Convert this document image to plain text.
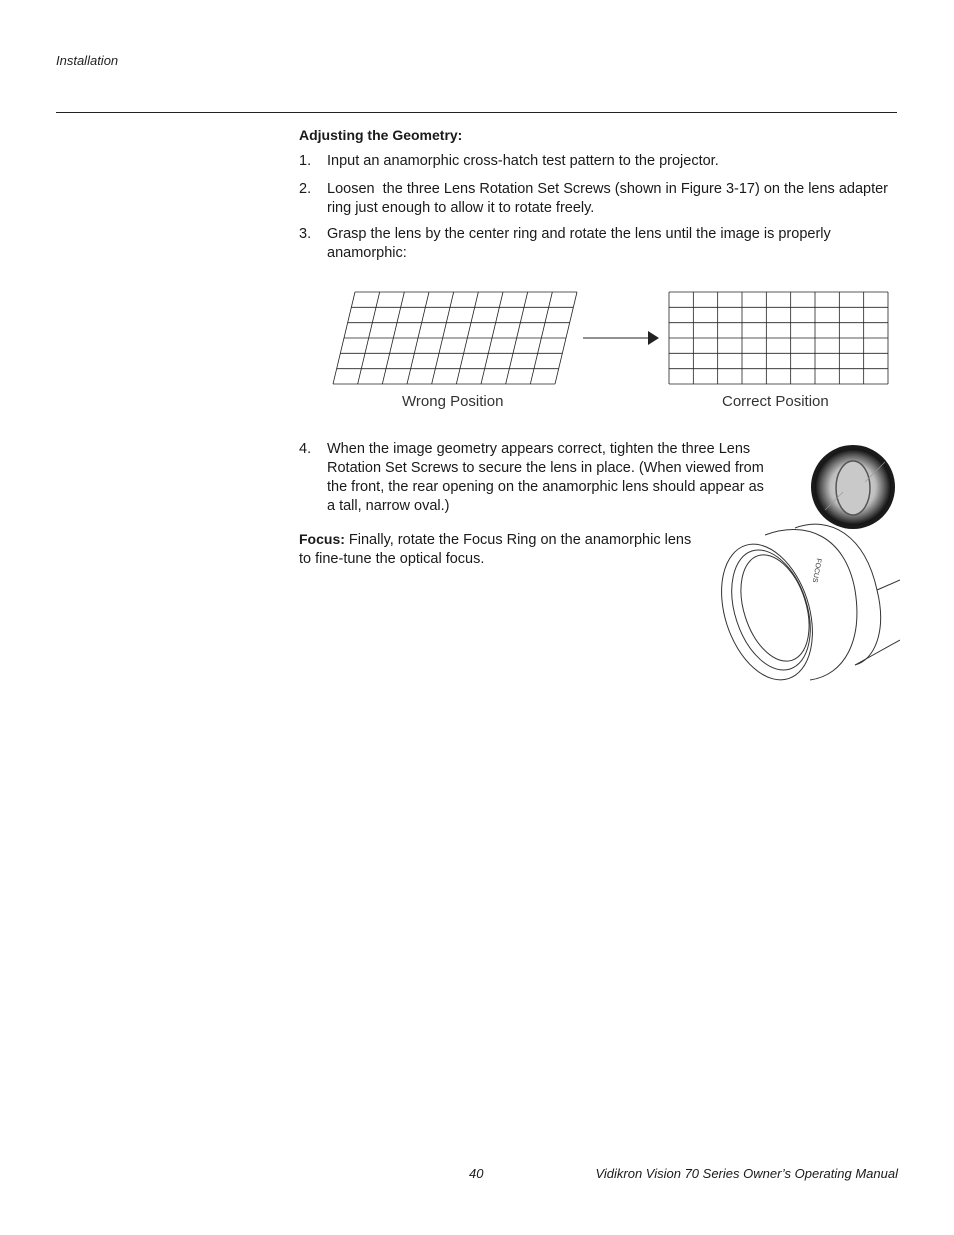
Installation
Adjusting the Geometry:
1. Input an anamorphic cross-hatch test pattern to the projector.
2. Loosen  the three Lens Rotation Set Screws (shown in Figure 3-17) on the lens adapter
ring just enough to allow it to rotate freely.
3. Grasp the lens by the center ring and rotate the lens until the image is properly
anamorphic:
Wrong Position	Correct Position
4. When the image geometry appears correct, tighten the three Lens
Rotation Set Screws to secure the lens in place. (When viewed from
the front, the rear opening on the anamorphic lens should appear as
a tall, narrow oval.)
Focus: Finally, rotate the Focus Ring on the anamorphic lens
to fine-tune the optical focus.	FOCUS
40	Vidikron Vision 70 Series Owner’s Operating Manual
